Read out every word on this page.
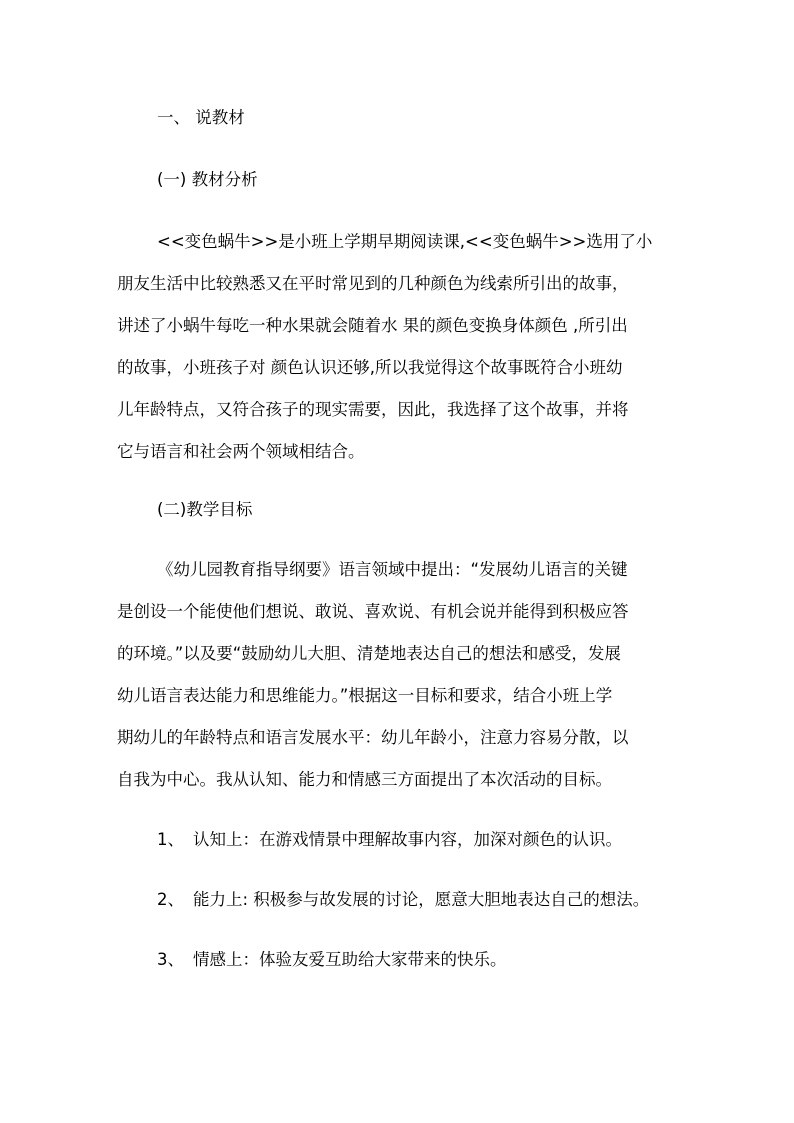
一、 说教材
(一) 教材分析
<<变色蜗牛>>是小班上学期早期阅读课,<<变色蜗牛>>选用了小
朋友生活中比较熟悉又在平时常见到的几种颜色为线索所引出的故事，
讲述了小蜗牛每吃一种水果就会随着水 果的颜色变换身体颜色 ,所引出
的故事，小班孩子对 颜色认识还够,所以我觉得这个故事既符合小班幼
儿年龄特点，又符合孩子的现实需要，因此，我选择了这个故事，并将
它与语言和社会两个领域相结合。
(二)教学目标
《幼儿园教育指导纲要》语言领域中提出：“发展幼儿语言的关键
是创设一个能使他们想说、敢说、喜欢说、有机会说并能得到积极应答
的环境。”以及要“鼓励幼儿大胆、清楚地表达自己的想法和感受，发展
幼儿语言表达能力和思维能力。”根据这一目标和要求，结合小班上学
期幼儿的年龄特点和语言发展水平：幼儿年龄小，注意力容易分散，以
自我为中心。我从认知、能力和情感三方面提出了本次活动的目标。
1、 认知上：在游戏情景中理解故事内容，加深对颜色的认识。
2、 能力上: 积极参与故发展的讨论，愿意大胆地表达自己的想法。
3、 情感上：体验友爱互助给大家带来的快乐。
